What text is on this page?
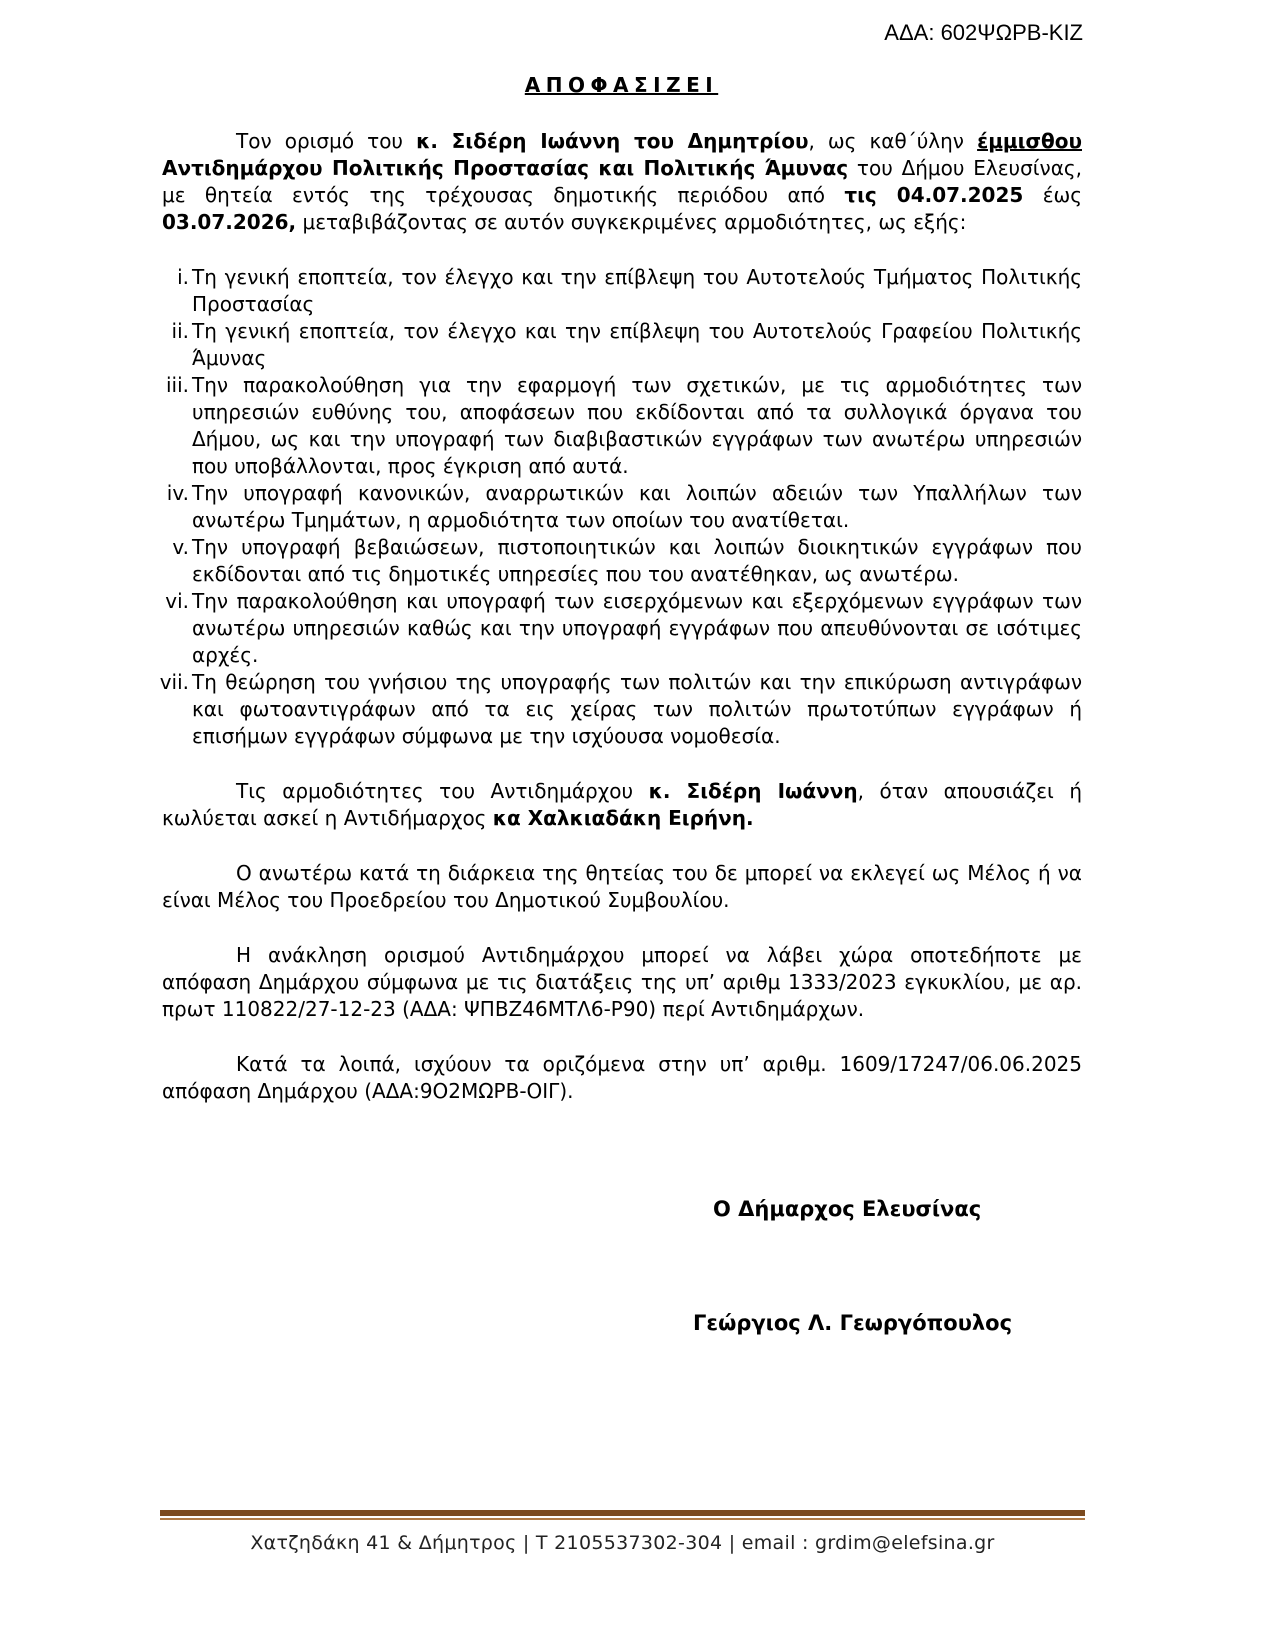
ΑΔΑ: 602ΨΩΡΒ-ΚΙΖ

ΑΠΟΦΑΣΙΖΕΙ

Τον ορισμό του κ. Σιδέρη Ιωάννη του Δημητρίου, ως καθ΄ύλην έμμισθου Αντιδημάρχου Πολιτικής Προστασίας και Πολιτικής Άμυνας του Δήμου Ελευσίνας, με θητεία εντός της τρέχουσας δημοτικής περιόδου από τις 04.07.2025 έως 03.07.2026, μεταβιβάζοντας σε αυτόν συγκεκριμένες αρμοδιότητες, ως εξής:

i. Τη γενική εποπτεία, τον έλεγχο και την επίβλεψη του Αυτοτελούς Τμήματος Πολιτικής Προστασίας
ii. Τη γενική εποπτεία, τον έλεγχο και την επίβλεψη του Αυτοτελούς Γραφείου Πολιτικής Άμυνας
iii. Την παρακολούθηση για την εφαρμογή των σχετικών, με τις αρμοδιότητες των υπηρεσιών ευθύνης του, αποφάσεων που εκδίδονται από τα συλλογικά όργανα του Δήμου, ως και την υπογραφή των διαβιβαστικών εγγράφων των ανωτέρω υπηρεσιών που υποβάλλονται, προς έγκριση από αυτά.
iv. Την υπογραφή κανονικών, αναρρωτικών και λοιπών αδειών των Υπαλλήλων των ανωτέρω Τμημάτων, η αρμοδιότητα των οποίων του ανατίθεται.
v. Την υπογραφή βεβαιώσεων, πιστοποιητικών και λοιπών διοικητικών εγγράφων που εκδίδονται από τις δημοτικές υπηρεσίες που του ανατέθηκαν, ως ανωτέρω.
vi. Την παρακολούθηση και υπογραφή των εισερχόμενων και εξερχόμενων εγγράφων των ανωτέρω υπηρεσιών καθώς και την υπογραφή εγγράφων που απευθύνονται σε ισότιμες αρχές.
vii. Τη θεώρηση του γνήσιου της υπογραφής των πολιτών και την επικύρωση αντιγράφων και φωτοαντιγράφων από τα εις χείρας των πολιτών πρωτοτύπων εγγράφων ή επισήμων εγγράφων σύμφωνα με την ισχύουσα νομοθεσία.

Τις αρμοδιότητες του Αντιδημάρχου κ. Σιδέρη Ιωάννη, όταν απουσιάζει ή κωλύεται ασκεί η Αντιδήμαρχος κα Χαλκιαδάκη Ειρήνη.

Ο ανωτέρω κατά τη διάρκεια της θητείας του δε μπορεί να εκλεγεί ως Μέλος ή να είναι Μέλος του Προεδρείου του Δημοτικού Συμβουλίου.

Η ανάκληση ορισμού Αντιδημάρχου μπορεί να λάβει χώρα οποτεδήποτε με απόφαση Δημάρχου σύμφωνα με τις διατάξεις της υπ’ αριθμ 1333/2023 εγκυκλίου, με αρ. πρωτ 110822/27-12-23 (ΑΔΑ: ΨΠΒΖ46ΜΤΛ6-Ρ90) περί Αντιδημάρχων.

Κατά τα λοιπά, ισχύουν τα οριζόμενα στην υπ’ αριθμ. 1609/17247/06.06.2025 απόφαση Δημάρχου (ΑΔΑ:9Ο2ΜΩΡΒ-ΟΙΓ).

Ο Δήμαρχος Ελευσίνας

Γεώργιος Λ. Γεωργόπουλος

Χατζηδάκη 41 & Δήμητρος | T 2105537302-304 | email : grdim@elefsina.gr
